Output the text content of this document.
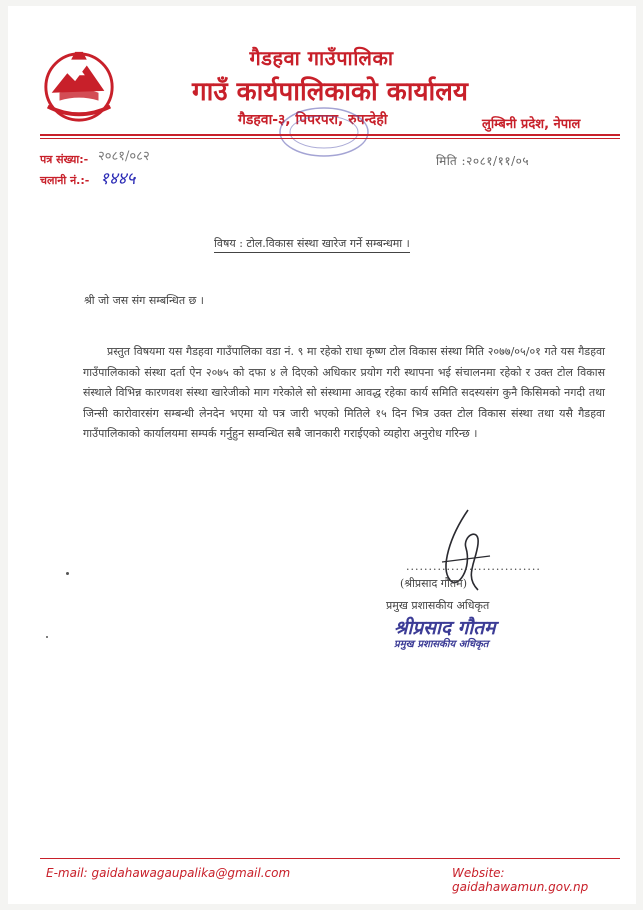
गैडहवा गाउँपालिका
गाउँ कार्यपालिकाको कार्यालय
गैडहवा-३, पिपरपरा, रुपन्देही	लुम्बिनी प्रदेश, नेपाल
पत्र संख्या:- २०८१/०८२
चलानी नं.:- १४४५
मिति :२०८१/११/०५
विषय : टोल.विकास संस्था खारेज गर्ने सम्बन्धमा ।
श्री जो जस संग सम्बन्धित छ ।
प्रस्तुत विषयमा यस गैडहवा गाउँपालिका वडा नं. ९ मा रहेको राधा कृष्ण टोल विकास संस्था मिति २०७७/०५/०१ गते यस गैडहवा गाउँपालिकाको संस्था दर्ता ऐन २०७५ को दफा ४ ले दिएको अधिकार प्रयोग गरी स्थापना भई संचालनमा रहेको र उक्त टोल विकास संस्थाले विभिन्न कारणवश संस्था खारेजीको माग गरेकोले सो संस्थामा आवद्ध रहेका कार्य समिति सदस्यसंग कुनै किसिमको नगदी तथा जिन्सी कारोवारसंग सम्बन्धी लेनदेन भएमा यो पत्र जारी भएको मितिले १५ दिन भित्र उक्त टोल विकास संस्था तथा यसै गैडहवा गाउँपालिकाको कार्यालयमा सम्पर्क गर्नुहुन सम्वन्धित सबै जानकारी गराईएको व्यहोरा अनुरोध गरिन्छ ।
..............................
(श्रीप्रसाद गौतम)
प्रमुख प्रशासकीय अधिकृत
श्रीप्रसाद गौतम
प्रमुख प्रशासकीय अधिकृत
E-mail: gaidahawagaupalika@gmail.com	Website: gaidahawamun.gov.np
